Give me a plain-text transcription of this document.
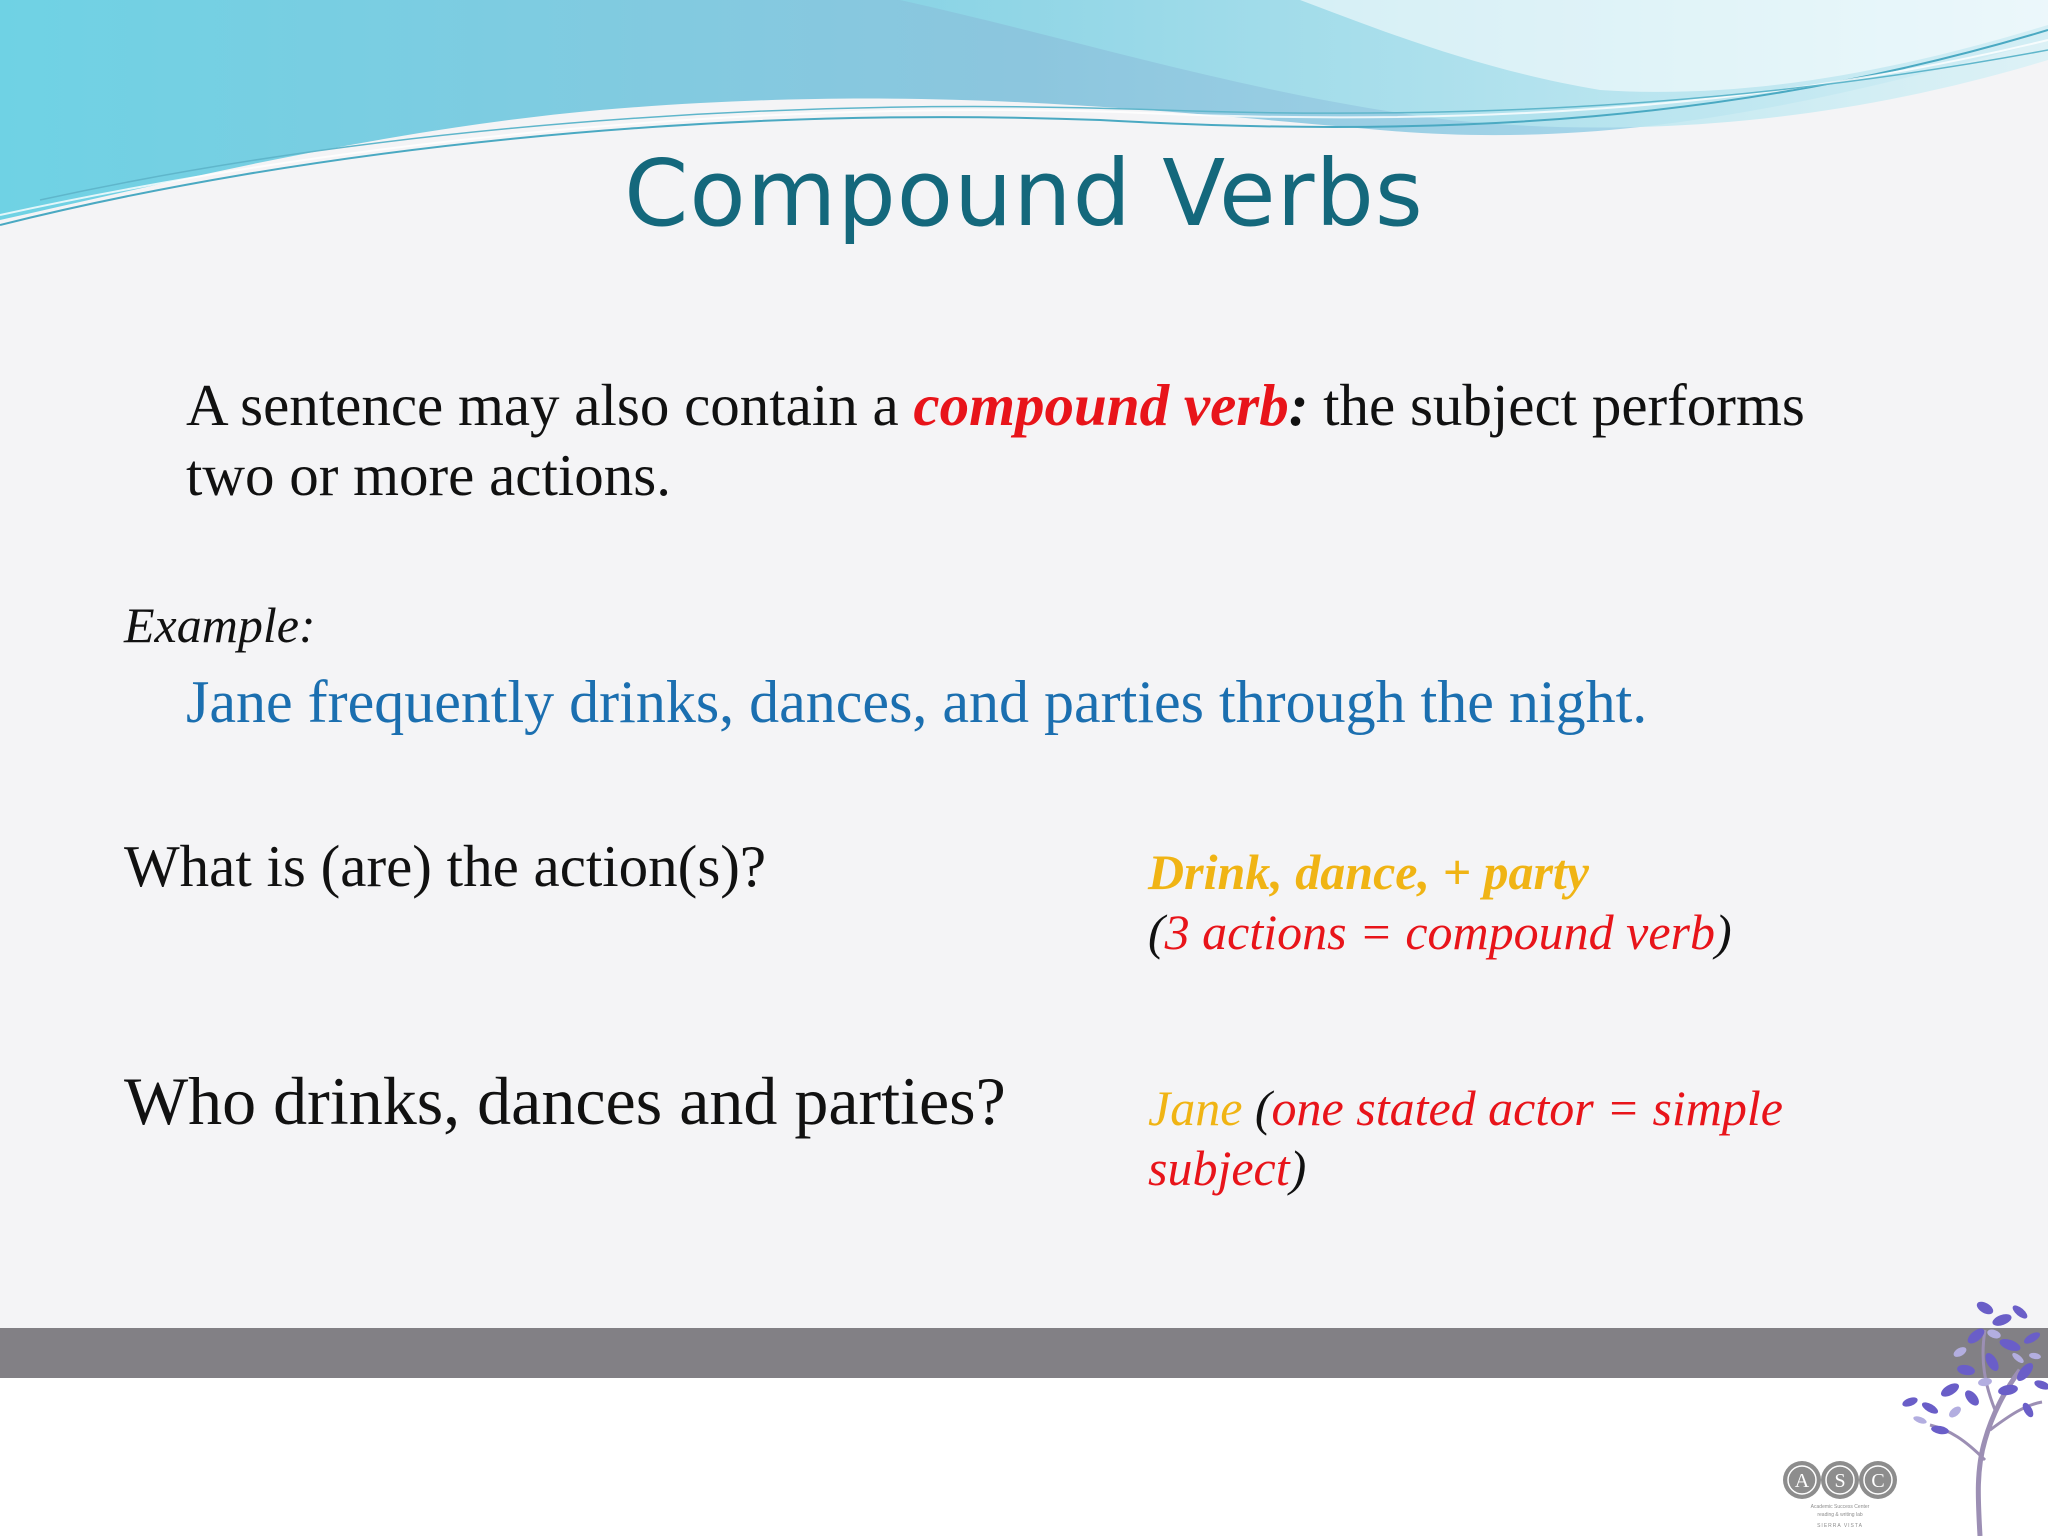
Compound Verbs
A sentence may also contain a compound verb: the subject performs two or more actions.
Example:
Jane frequently drinks, dances, and parties through the night.
What is (are) the action(s)?	Drink, dance, + party
(3 actions = compound verb)
Who drinks, dances and parties?	Jane (one stated actor = simple subject)
A S C
Academic Success Center
reading & writing lab
SIERRA VISTA
